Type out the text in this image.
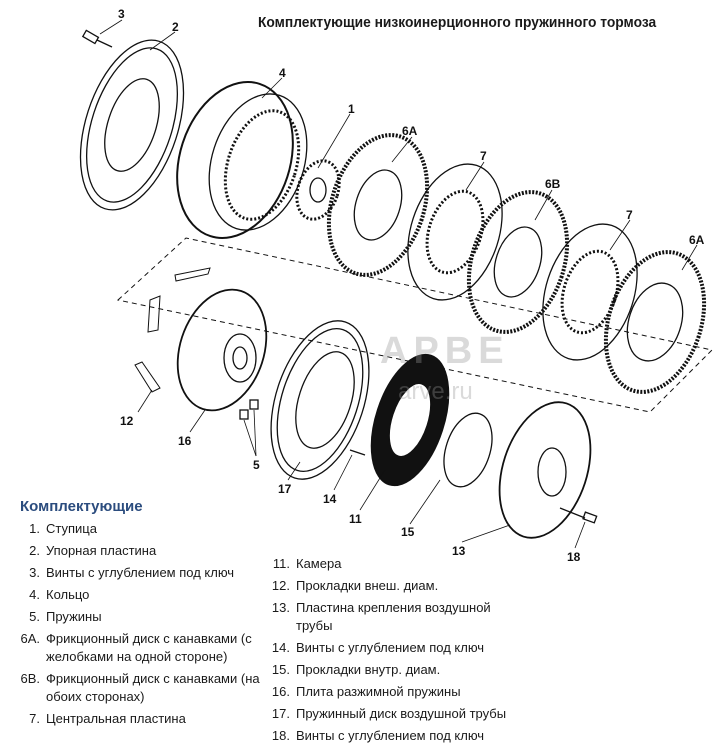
Комплектующие низкоинерционного пружинного тормоза
3
2
4
1
6A
7
6B
7
6A
12
16
5
17
14
11
15
13	18
АРВЕ
arve.ru
Комплектующие
1. Ступица
2. Упорная пластина
3. Винты с углублением под ключ
4. Кольцо
5. Пружины
6A. Фрикционный диск с канавками (с желобками на одной стороне)
6B. Фрикционный диск с канавками (на обоих сторонах)
7. Центральная пластина
11. Камера
12. Прокладки внеш. диам.
13. Пластина крепления воздушной трубы
14. Винты с углублением под ключ
15. Прокладки внутр. диам.
16. Плита разжимной пружины
17. Пружинный диск воздушной трубы
18. Винты с углублением под ключ
